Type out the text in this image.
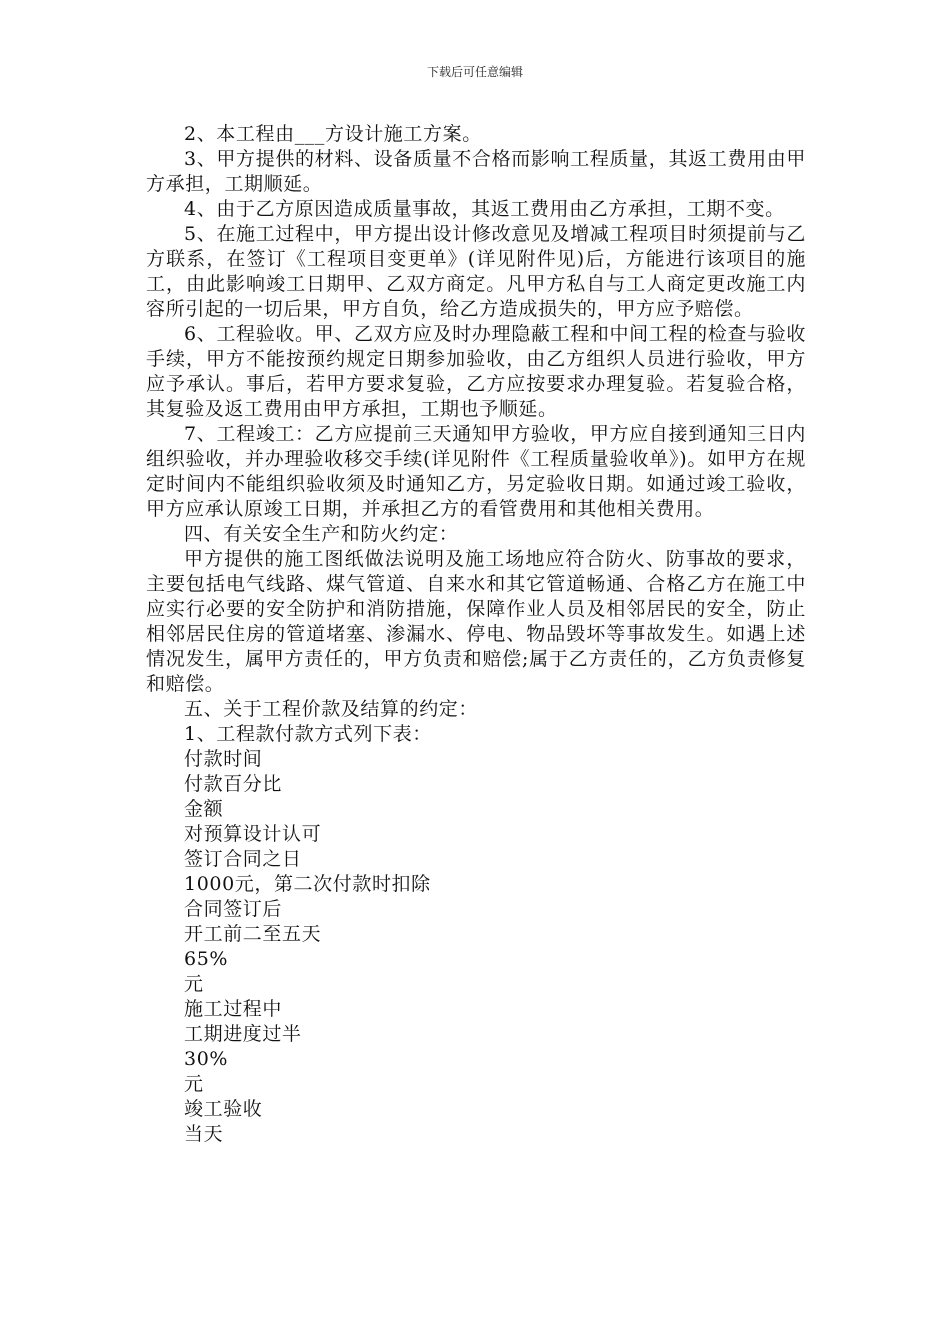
下载后可任意编辑

2、本工程由___方设计施工方案。

3、甲方提供的材料、设备质量不合格而影响工程质量，其返工费用由甲方承担，工期顺延。

4、由于乙方原因造成质量事故，其返工费用由乙方承担，工期不变。

5、在施工过程中，甲方提出设计修改意见及增减工程项目时须提前与乙方联系，在签订《工程项目变更单》(详见附件见)后，方能进行该项目的施工，由此影响竣工日期甲、乙双方商定。凡甲方私自与工人商定更改施工内容所引起的一切后果，甲方自负，给乙方造成损失的，甲方应予赔偿。

6、工程验收。甲、乙双方应及时办理隐蔽工程和中间工程的检查与验收手续，甲方不能按预约规定日期参加验收，由乙方组织人员进行验收，甲方应予承认。事后，若甲方要求复验，乙方应按要求办理复验。若复验合格，其复验及返工费用由甲方承担，工期也予顺延。

7、工程竣工：乙方应提前三天通知甲方验收，甲方应自接到通知三日内组织验收，并办理验收移交手续(详见附件《工程质量验收单》)。如甲方在规定时间内不能组织验收须及时通知乙方，另定验收日期。如通过竣工验收，甲方应承认原竣工日期，并承担乙方的看管费用和其他相关费用。

四、有关安全生产和防火约定：

甲方提供的施工图纸做法说明及施工场地应符合防火、防事故的要求，主要包括电气线路、煤气管道、自来水和其它管道畅通、合格乙方在施工中应实行必要的安全防护和消防措施，保障作业人员及相邻居民的安全，防止相邻居民住房的管道堵塞、渗漏水、停电、物品毁坏等事故发生。如遇上述情况发生，属甲方责任的，甲方负责和赔偿;属于乙方责任的，乙方负责修复和赔偿。

五、关于工程价款及结算的约定：

1、工程款付款方式列下表：

付款时间

付款百分比

金额

对预算设计认可

签订合同之日

1000元，第二次付款时扣除

合同签订后

开工前二至五天

65%

元

施工过程中

工期进度过半

30%

元

竣工验收

当天
